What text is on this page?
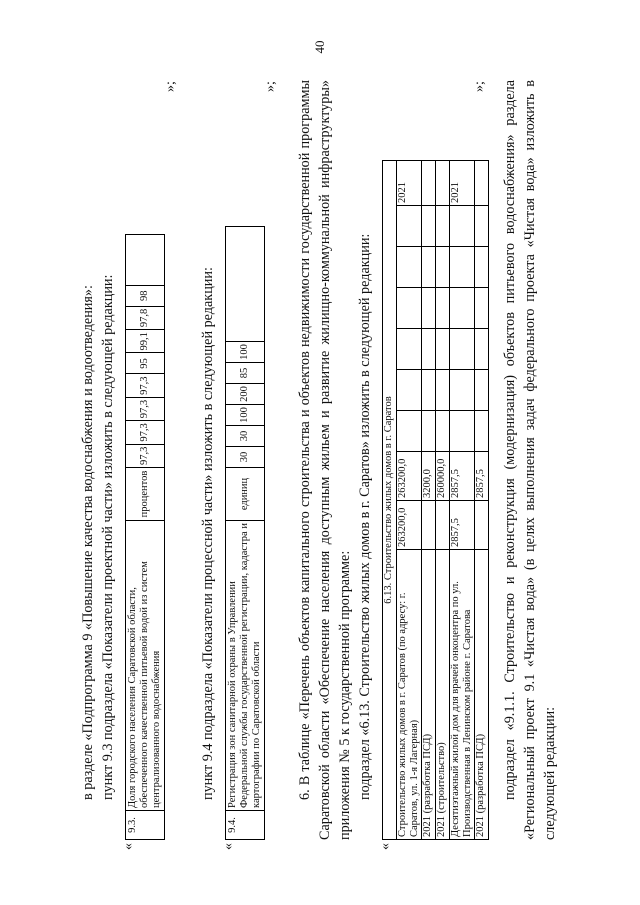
40

в разделе «Подпрограмма 9 «Повышение качества водоснабжения и водоотведения»: пункт 9.3 подраздела «Показатели проектной части» изложить в следующей редакции:

«
9.3.	Доля городского населения Саратовской области, обеспеченного качественной питьевой водой из систем централизованного водоснабжения	процентов	97,3	97,3	97,3	97,3	95	99,1	97,8	98	
»;

пункт 9.4 подраздела «Показатели процессной части» изложить в следующей редакции:

«
9.4.	Регистрация зон санитарной охраны в Управлении Федеральной службы государственной регистрации, кадастра и картографии по Саратовской области	единиц	30	30	100	200	85	100	
»; 6. В таблице «Перечень объектов капитального строительства и объектов недвижимости государственной программы Саратовской области «Обеспечение населения доступным жильем и развитие жилищно-коммунальной инфраструктуры» приложения № 5 к государственной программе: подраздел «6.13. Строительство жилых домов в г. Саратов» изложить в следующей редакции:

«
6.13. Строительство жилых домов в г. Саратов									
Строительство жилых домов в г. Саратов (по адресу: г. Саратов, ул. 1-я Лагерная)	263200,0	263200,0							2021
2021 (разработка ПСД)		3200,0							
2021 (строительство)		260000,0							
Десятиэтажный жилой дом для врачей онкоцентра по ул. Производственная в Ленинском районе г. Саратова	2857,5	2857,5							2021
2021 (разработка ПСД)		2857,5							
»; подраздел «9.1.1. Строительство и реконструкция (модернизация) объектов питьевого водоснабжения» раздела «Региональный проект 9.1 «Чистая вода» (в целях выполнения задач федерального проекта «Чистая вода» изложить в следующей редакции:
